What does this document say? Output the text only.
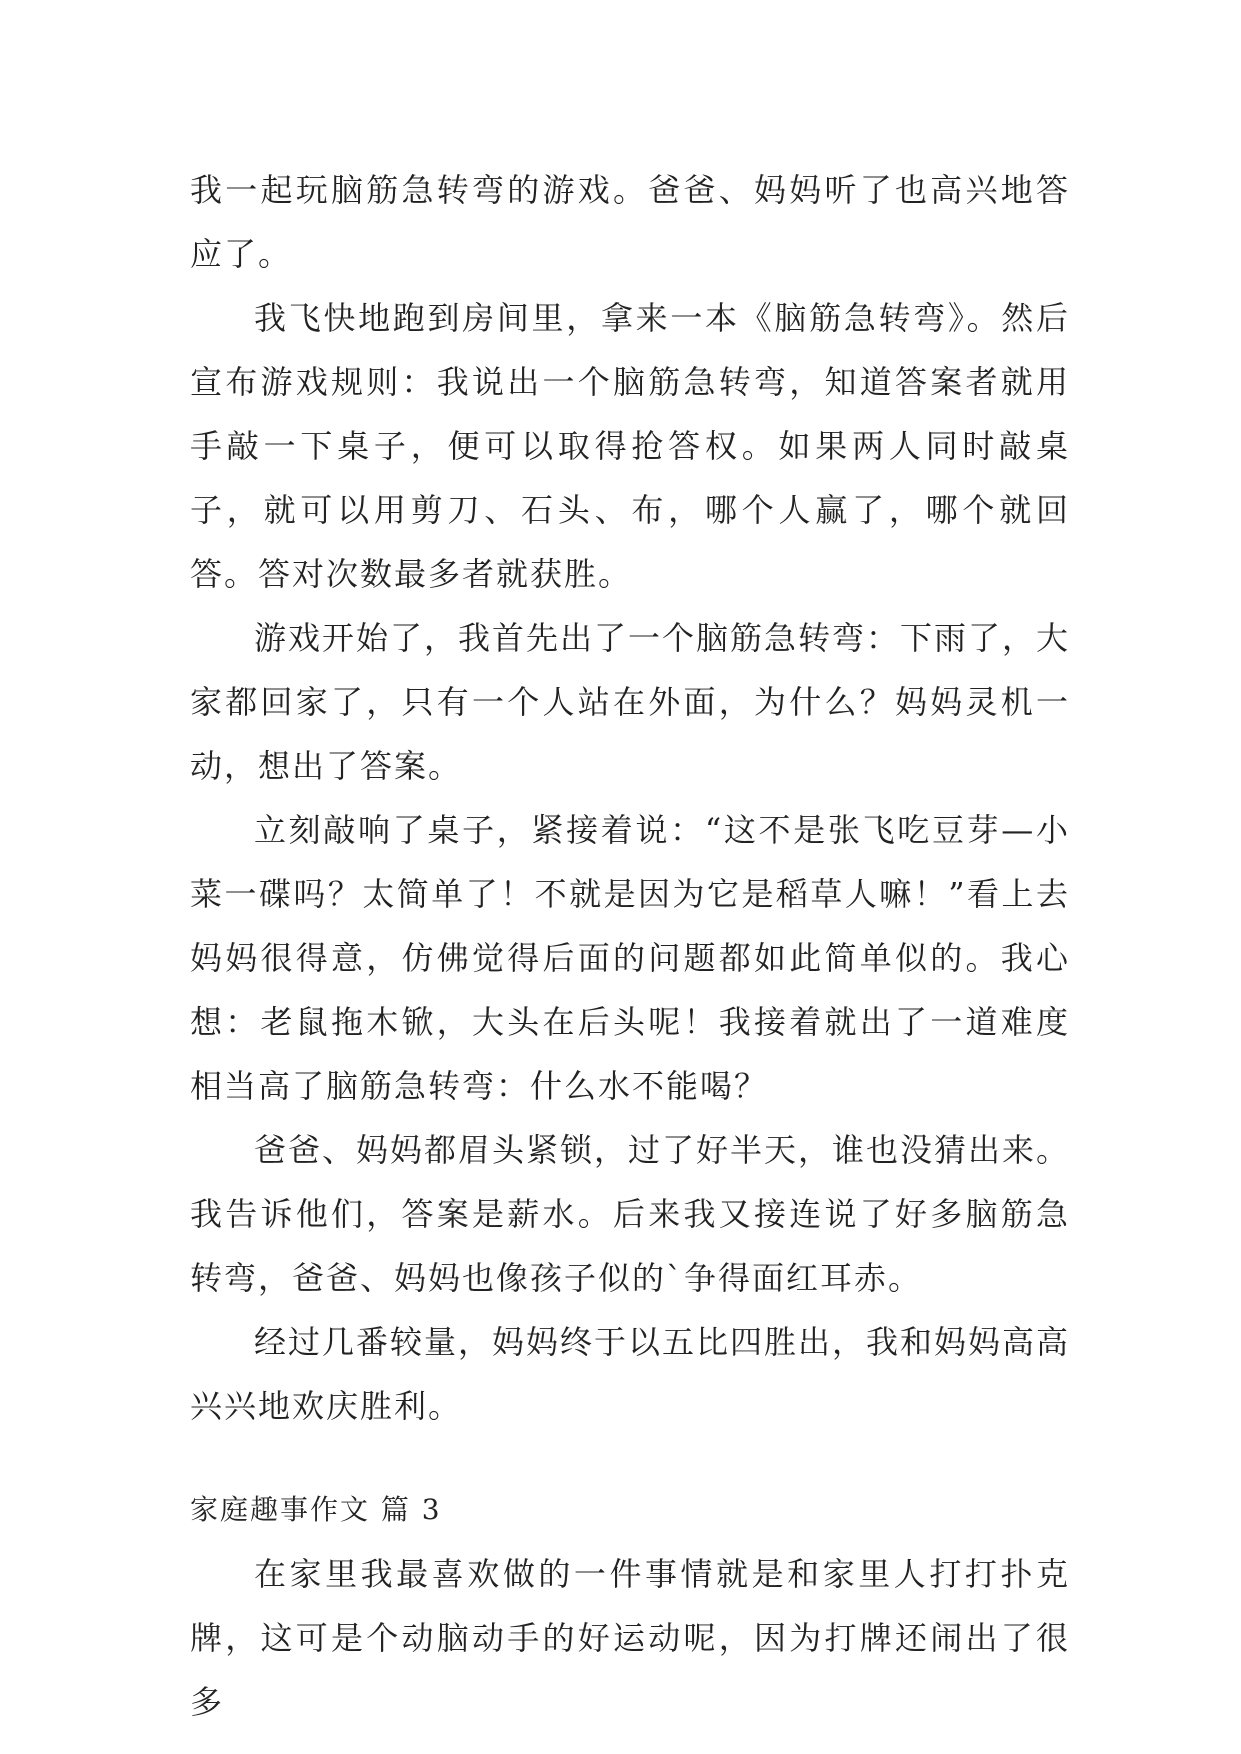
我一起玩脑筋急转弯的游戏。爸爸、妈妈听了也高兴地答应了。

我飞快地跑到房间里，拿来一本《脑筋急转弯》。然后宣布游戏规则：我说出一个脑筋急转弯，知道答案者就用手敲一下桌子，便可以取得抢答权。如果两人同时敲桌子，就可以用剪刀、石头、布，哪个人赢了，哪个就回答。答对次数最多者就获胜。

游戏开始了，我首先出了一个脑筋急转弯：下雨了，大家都回家了，只有一个人站在外面，为什么？妈妈灵机一动，想出了答案。

立刻敲响了桌子，紧接着说：“这不是张飞吃豆芽—小菜一碟吗？太简单了！不就是因为它是稻草人嘛！”看上去妈妈很得意，仿佛觉得后面的问题都如此简单似的。我心想：老鼠拖木锨，大头在后头呢！我接着就出了一道难度相当高了脑筋急转弯：什么水不能喝？

爸爸、妈妈都眉头紧锁，过了好半天，谁也没猜出来。我告诉他们，答案是薪水。后来我又接连说了好多脑筋急转弯，爸爸、妈妈也像孩子似的`争得面红耳赤。

经过几番较量，妈妈终于以五比四胜出，我和妈妈高高兴兴地欢庆胜利。

家庭趣事作文 篇 3

在家里我最喜欢做的一件事情就是和家里人打打扑克牌，这可是个动脑动手的好运动呢，因为打牌还闹出了很多
